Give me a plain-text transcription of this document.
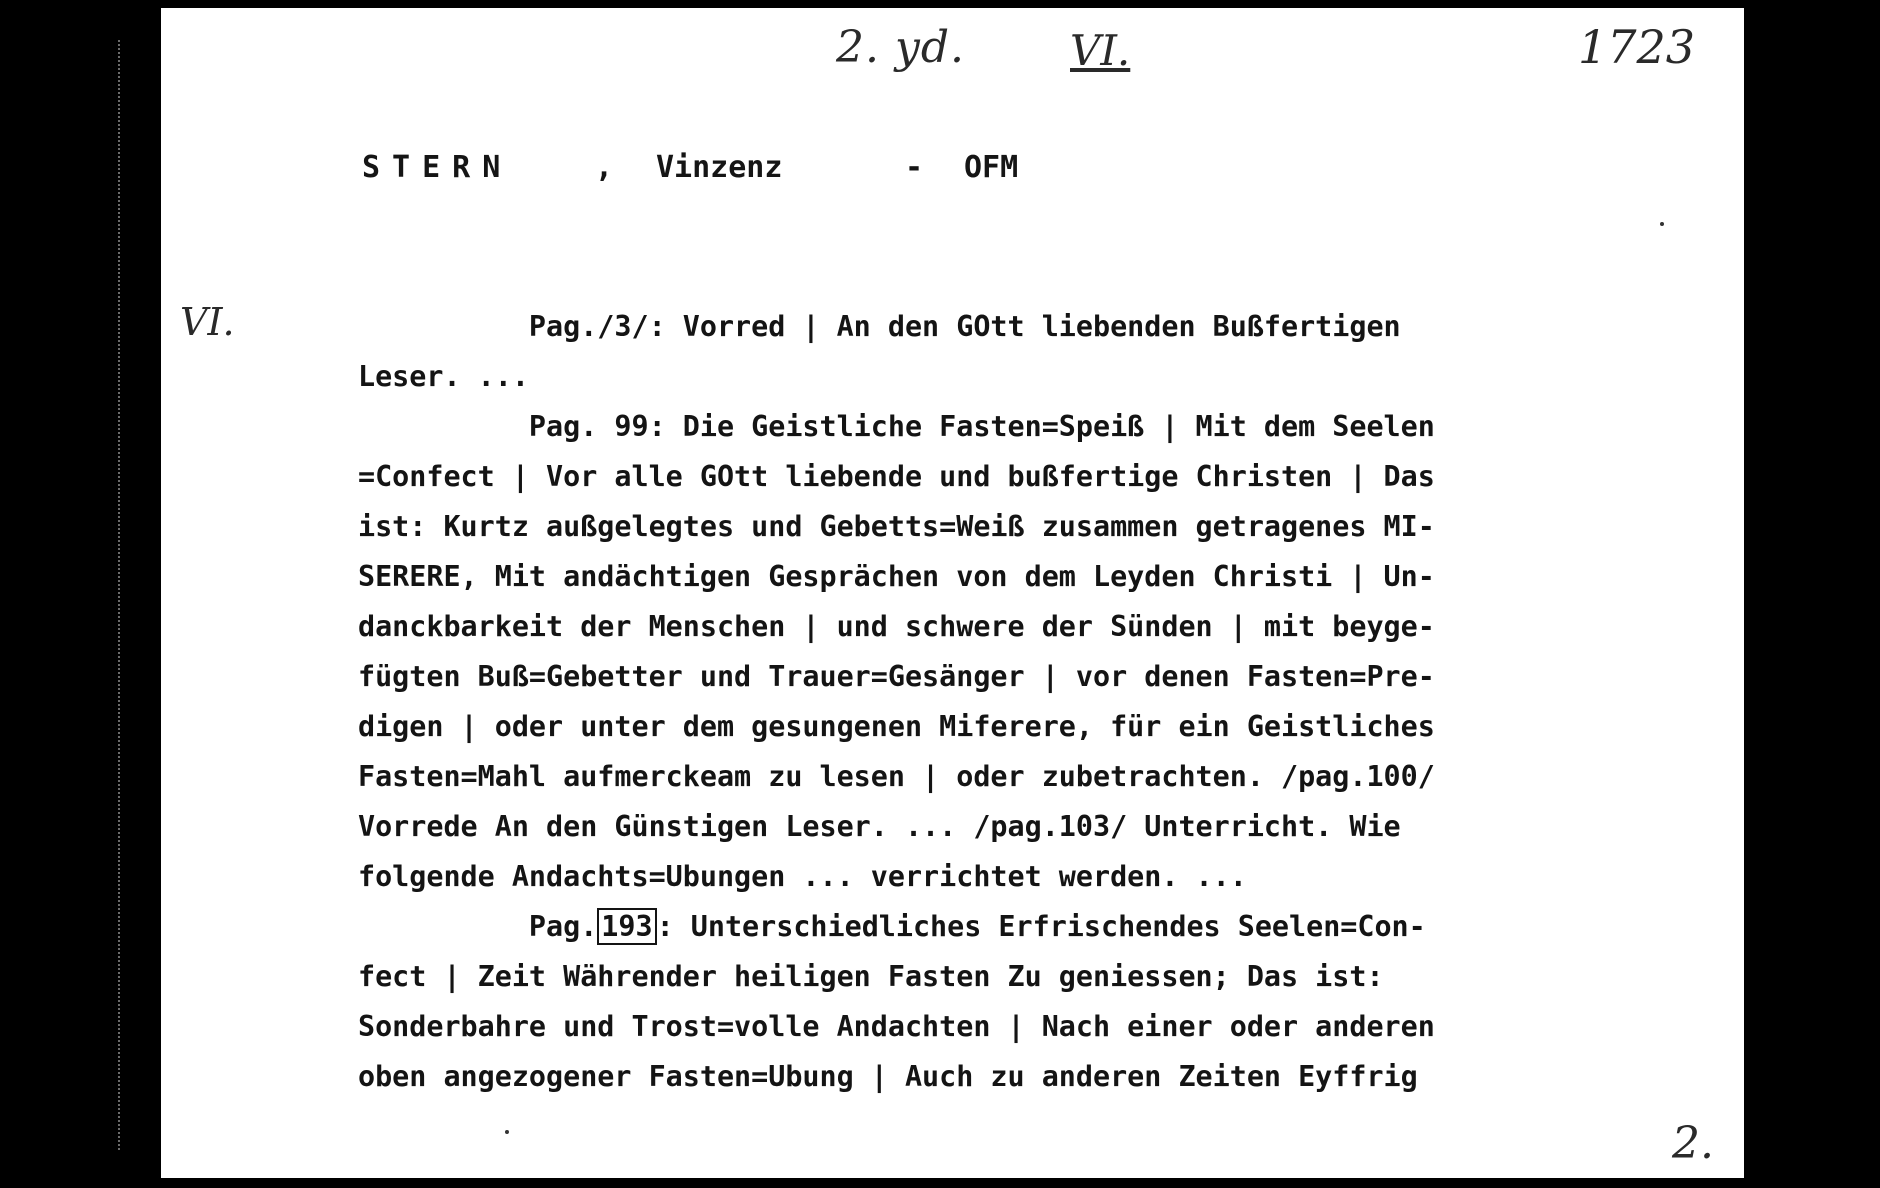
2. yd.	VI.	1723
VI.
2.
STERN	, Vinzenz	- OFM
Pag./3/: Vorred | An den GOtt liebenden Bußfertigen
Leser. ...
Pag. 99: Die Geistliche Fasten=Speiß | Mit dem Seelen
=Confect | Vor alle GOtt liebende und bußfertige Christen | Das
ist: Kurtz außgelegtes und Gebetts=Weiß zusammen getragenes MI-
SERERE, Mit andächtigen Gesprächen von dem Leyden Christi | Un-
danckbarkeit der Menschen | und schwere der Sünden | mit beyge-
fügten Buß=Gebetter und Trauer=Gesänger | vor denen Fasten=Pre-
digen | oder unter dem gesungenen Miferere, für ein Geistliches
Fasten=Mahl aufmerckeam zu lesen | oder zubetrachten. /pag.100/
Vorrede An den Günstigen Leser. ... /pag.103/ Unterricht. Wie
folgende Andachts=Ubungen ... verrichtet werden. ...
Pag. 193 : Unterschiedliches Erfrischendes Seelen=Con-
fect | Zeit Währender heiligen Fasten Zu geniessen; Das ist:
Sonderbahre und Trost=volle Andachten | Nach einer oder anderen
oben angezogener Fasten=Ubung | Auch zu anderen Zeiten Eyffrig
